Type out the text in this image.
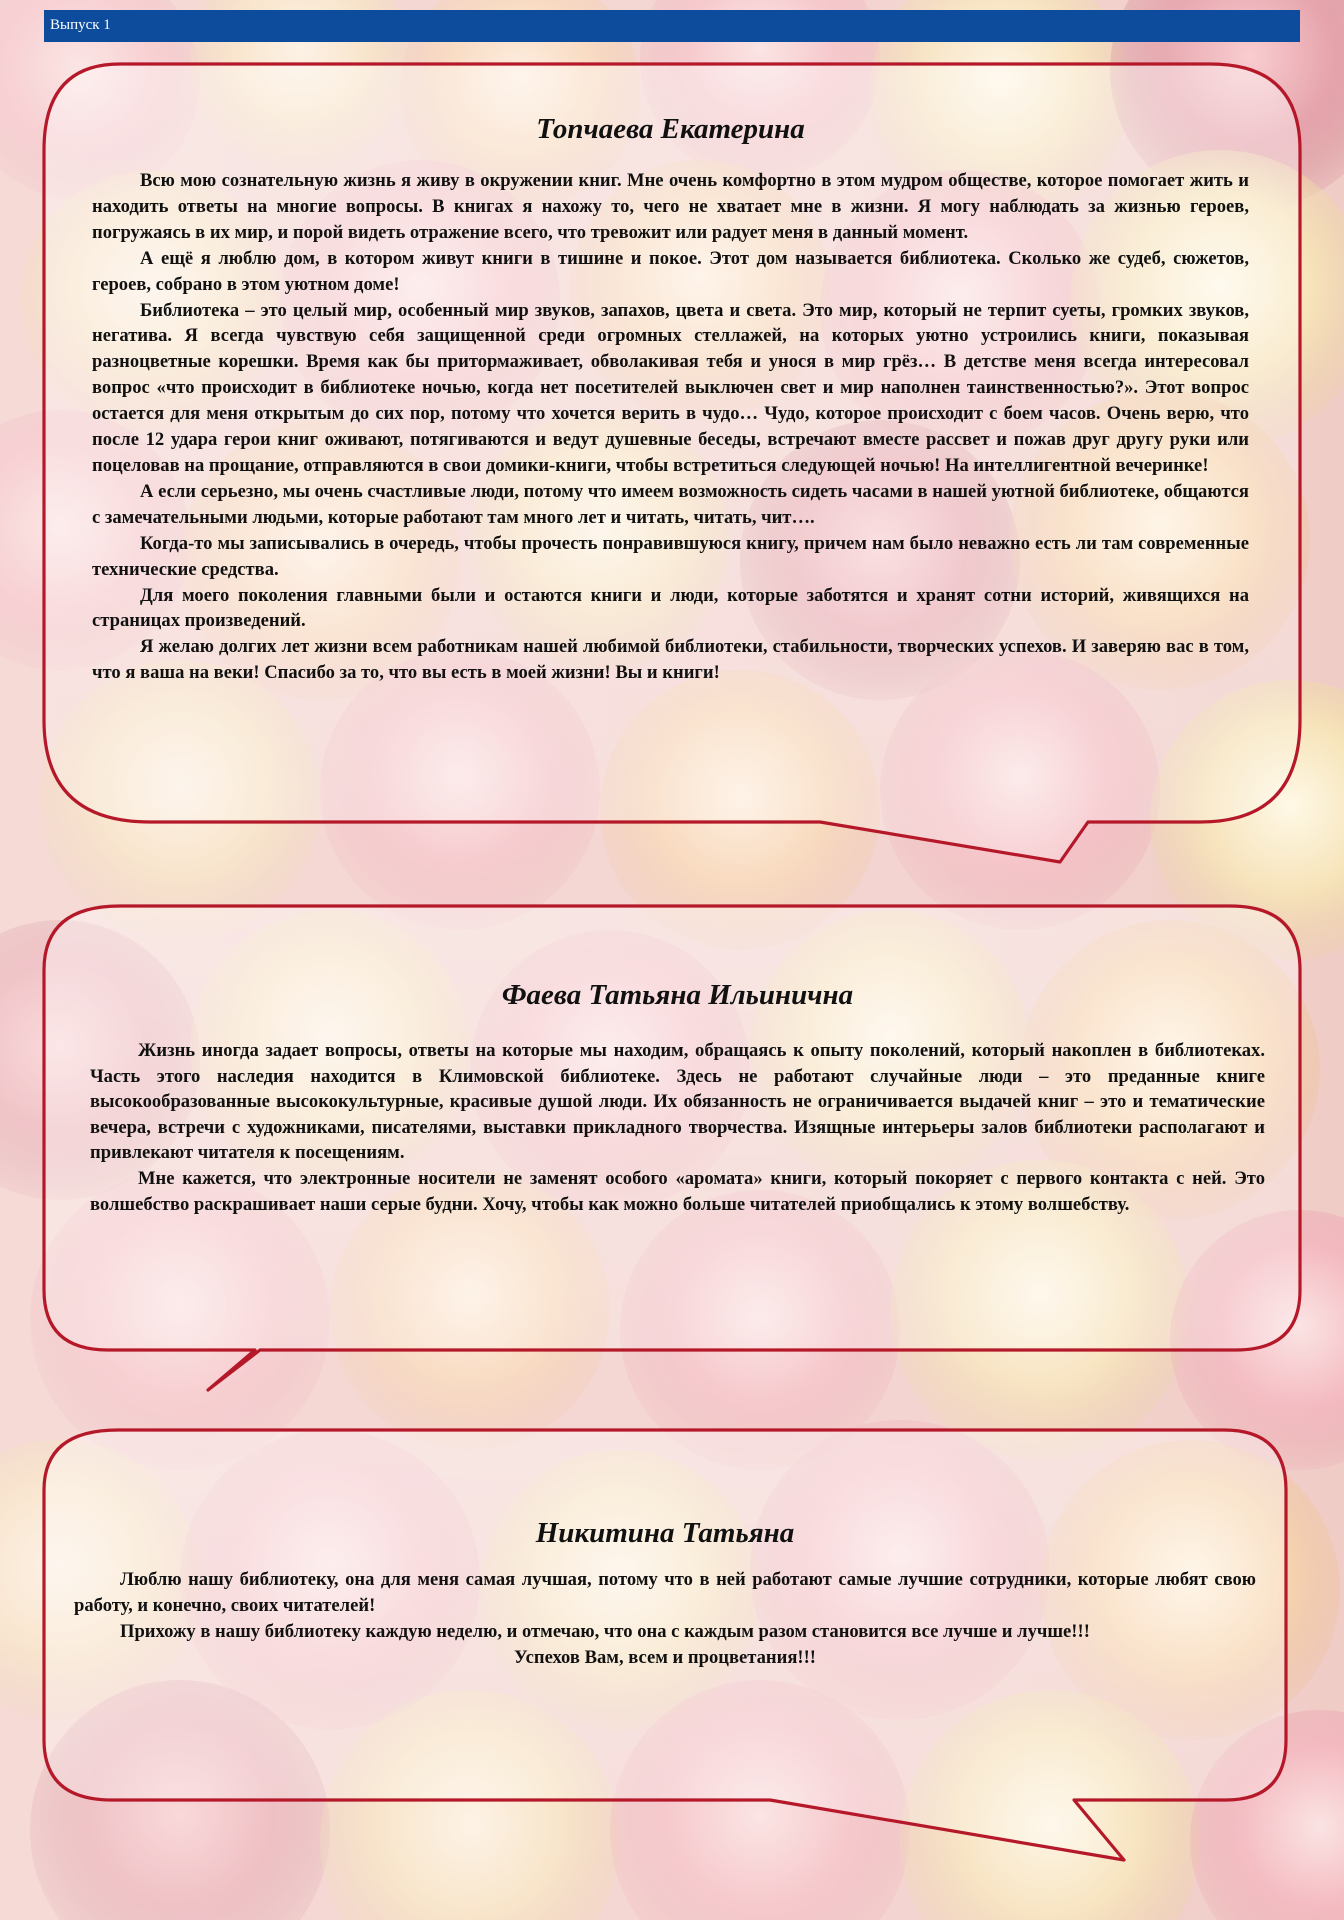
Выпуск 1
Топчаева Екатерина

Всю мою сознательную жизнь я живу в окружении книг. Мне очень комфортно в этом мудром обществе, которое помогает жить и находить ответы на многие вопросы. В книгах я нахожу то, чего не хватает мне в жизни. Я могу наблюдать за жизнью героев, погружаясь в их мир, и порой видеть отражение всего, что тревожит или радует меня в данный момент.

А ещё я люблю дом, в котором живут книги в тишине и покое. Этот дом называется библиотека. Сколько же судеб, сюжетов, героев, собрано в этом уютном доме!

Библиотека – это целый мир, особенный мир звуков, запахов, цвета и света. Это мир, который не терпит суеты, громких звуков, негатива. Я всегда чувствую себя защищенной среди огромных стеллажей, на которых уютно устроились книги, показывая разноцветные корешки. Время как бы притормаживает, обволакивая тебя и унося в мир грёз… В детстве меня всегда интересовал вопрос «что происходит в библиотеке ночью, когда нет посетителей выключен свет и мир наполнен таинственностью?». Этот вопрос остается для меня открытым до сих пор, потому что хочется верить в чудо… Чудо, которое происходит с боем часов. Очень верю, что после 12 удара герои книг оживают, потягиваются и ведут душевные беседы, встречают вместе рассвет и пожав друг другу руки или поцеловав на прощание, отправляются в свои домики-книги, чтобы встретиться следующей ночью! На интеллигентной вечеринке!

А если серьезно, мы очень счастливые люди, потому что имеем возможность сидеть часами в нашей уютной библиотеке, общаются с замечательными людьми, которые работают там много лет и читать, читать, чит….

Когда-то мы записывались в очередь, чтобы прочесть понравившуюся книгу, причем нам было неважно есть ли там современные технические средства.

Для моего поколения главными были и остаются книги и люди, которые заботятся и хранят сотни историй, живящихся на страницах произведений.

Я желаю долгих лет жизни всем работникам нашей любимой библиотеки, стабильности, творческих успехов. И заверяю вас в том, что я ваша на веки! Спасибо за то, что вы есть в моей жизни! Вы и книги!

Фаева Татьяна Ильинична

Жизнь иногда задает вопросы, ответы на которые мы находим, обращаясь к опыту поколений, который накоплен в библиотеках. Часть этого наследия находится в Климовской библиотеке. Здесь не работают случайные люди – это преданные книге высокообразованные высококультурные, красивые душой люди. Их обязанность не ограничивается выдачей книг – это и тематические вечера, встречи с художниками, писателями, выставки прикладного творчества. Изящные интерьеры залов библиотеки располагают и привлекают читателя к посещениям.

Мне кажется, что электронные носители не заменят особого «аромата» книги, который покоряет с первого контакта с ней. Это волшебство раскрашивает наши серые будни. Хочу, чтобы как можно больше читателей приобщались к этому волшебству.

Никитина Татьяна

Люблю нашу библиотеку, она для меня самая лучшая, потому что в ней работают самые лучшие сотрудники, которые любят свою работу, и конечно, своих читателей!

Прихожу в нашу библиотеку каждую неделю, и отмечаю, что она с каждым разом становится все лучше и лучше!!!

Успехов Вам, всем и процветания!!!
